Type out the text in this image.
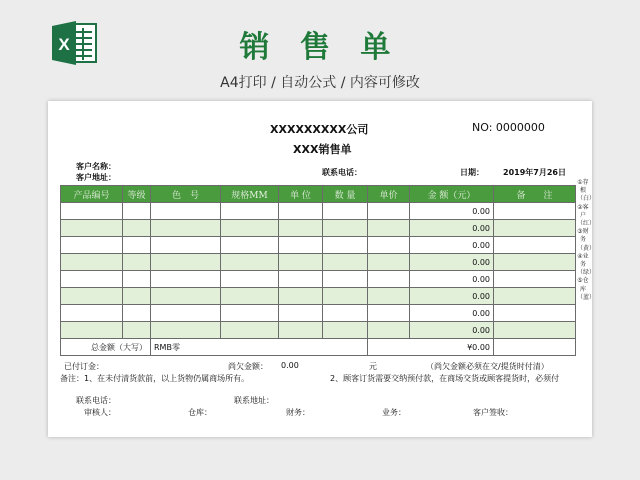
X	销 售 单
A4打印 / 自动公式 / 内容可修改
XXXXXXXXX公司	NO: 0000000
XXX销售单
客户名称：
客户地址：
联系电话：	日期： 2019年7月26日
产品编号	等级	色　号	规格MM	单 位	数 量	单价	金 额（元）	备　　注
							0.00	
							0.00	
							0.00	
							0.00	
							0.00	
							0.00	
							0.00	
							0.00	
总金额（大写）		RMB零				¥0.00		
已付订金：	尚欠金额： 0.00	元	（尚欠金额必须在交/提货时付清）
备注：1、在未付清货款前，以上货物仍属商场所有。	2、顾客订货需要交纳预付款，在商场交货或顾客提货时，必须付
联系电话：	联系地址：
审核人：	仓库：	财务：	业务：	客户签收：
①存根（白）②客户（红）③财务（黄）④业务（绿）⑤仓库（蓝）
